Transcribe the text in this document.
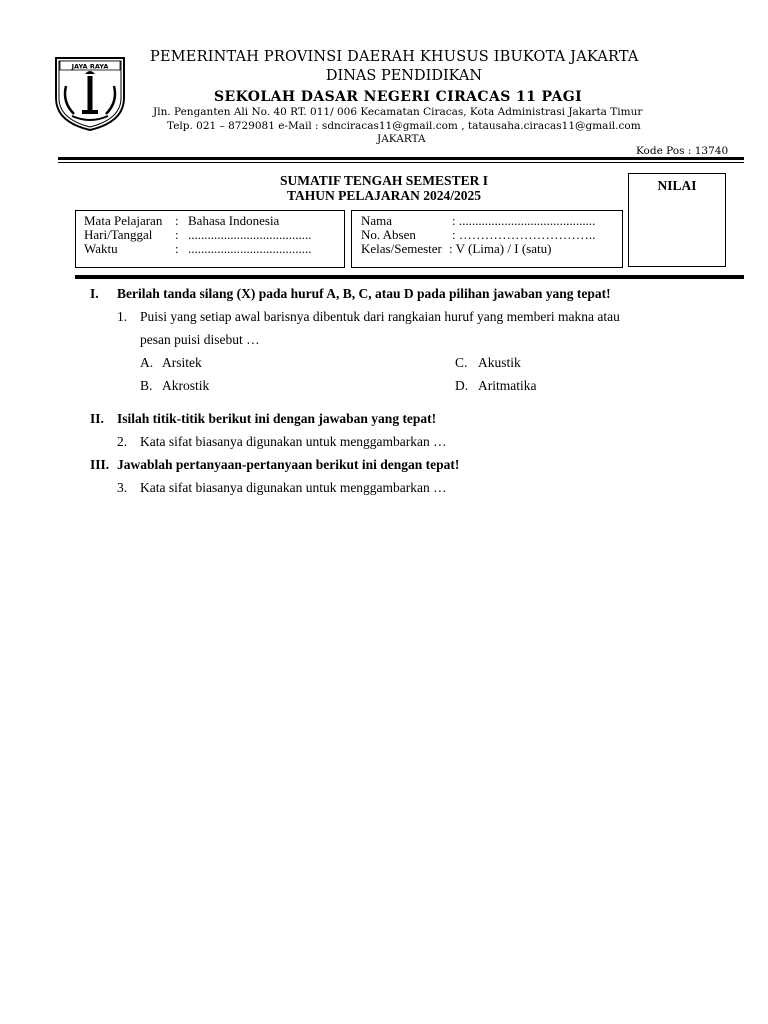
JAYA RAYA
PEMERINTAH PROVINSI DAERAH KHUSUS IBUKOTA JAKARTA
DINAS PENDIDIKAN
SEKOLAH DASAR NEGERI CIRACAS 11 PAGI
Jln. Penganten Ali No. 40 RT. 011/ 006 Kecamatan Ciracas, Kota Administrasi Jakarta Timur
Telp. 021 – 8729081 e-Mail : sdnciracas11@gmail.com , tatausaha.ciracas11@gmail.com
JAKARTA
Kode Pos : 13740
SUMATIF TENGAH SEMESTER I
TAHUN PELAJARAN 2024/2025
NILAI
Mata Pelajaran : Bahasa Indonesia
Hari/Tanggal : ......................................
Waktu	: ......................................
Nama	: ..........................................
No. Absen	: …………………………..
Kelas/Semester : V (Lima) / I (satu)
I. Berilah tanda silang (X) pada huruf A, B, C, atau D pada pilihan jawaban yang tepat!
1. Puisi yang setiap awal barisnya dibentuk dari rangkaian huruf yang memberi makna atau
pesan puisi disebut …
A. Arsitek
B. Akrostik
C. Akustik
D. Aritmatika
II. Isilah titik-titik berikut ini dengan jawaban yang tepat!
2. Kata sifat biasanya digunakan untuk menggambarkan …
III. Jawablah pertanyaan-pertanyaan berikut ini dengan tepat!
3. Kata sifat biasanya digunakan untuk menggambarkan …
